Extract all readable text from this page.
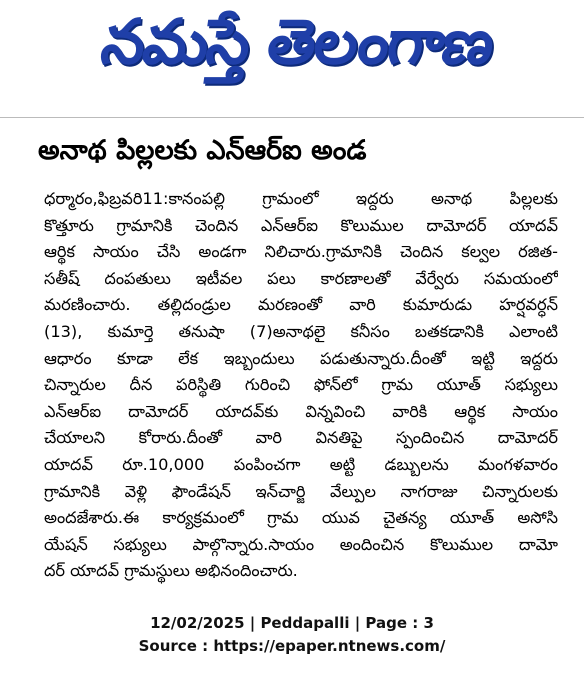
నమస్తే తెలంగాణ
అనాథ పిల్లలకు ఎన్‌ఆర్‌ఐ అండ
ధర్మారం,ఫిబ్రవరి11:కానంపల్లి గ్రామంలో ఇద్దరు అనాథ పిల్లలకు
కొత్తూరు గ్రామానికి చెందిన ఎన్‌ఆర్‌ఐ కొలుముల దామోదర్ యాదవ్
ఆర్థిక సాయం చేసి అండగా నిలిచారు.గ్రామానికి చెందిన కల్వల రజిత-
సతీష్ దంపతులు ఇటీవల పలు కారణాలతో వేర్వేరు సమయంలో
మరణించారు. తల్లిదండ్రుల మరణంతో వారి కుమారుడు హర్షవర్ధన్
(13), కుమార్తె తనుషా (7)అనాథలై కనీసం బతకడానికి ఎలాంటి
ఆధారం కూడా లేక ఇబ్బందులు పడుతున్నారు.దీంతో ఇట్టి ఇద్దరు
చిన్నారుల దీన పరిస్థితి గురించి ఫోన్‌లో గ్రామ యూత్ సభ్యులు
ఎన్‌ఆర్‌ఐ దామోదర్ యాదవ్‌కు విన్నవించి వారికి ఆర్థిక సాయం
చేయాలని కోరారు.దీంతో వారి వినతిపై స్పందించిన దామోదర్
యాదవ్ రూ.10,000 పంపించగా అట్టి డబ్బులను మంగళవారం
గ్రామానికి వెళ్లి ఫౌండేషన్ ఇన్‌చార్జి వేల్పుల నాగరాజు చిన్నారులకు
అందజేశారు.ఈ కార్యక్రమంలో గ్రామ యువ చైతన్య యూత్ అసోసి
యేషన్ సభ్యులు పాల్గొన్నారు.సాయం అందించిన కొలుముల దామో
దర్ యాదవ్ గ్రామస్థులు అభినందించారు.
12/02/2025 | Peddapalli | Page : 3
Source : https://epaper.ntnews.com/
